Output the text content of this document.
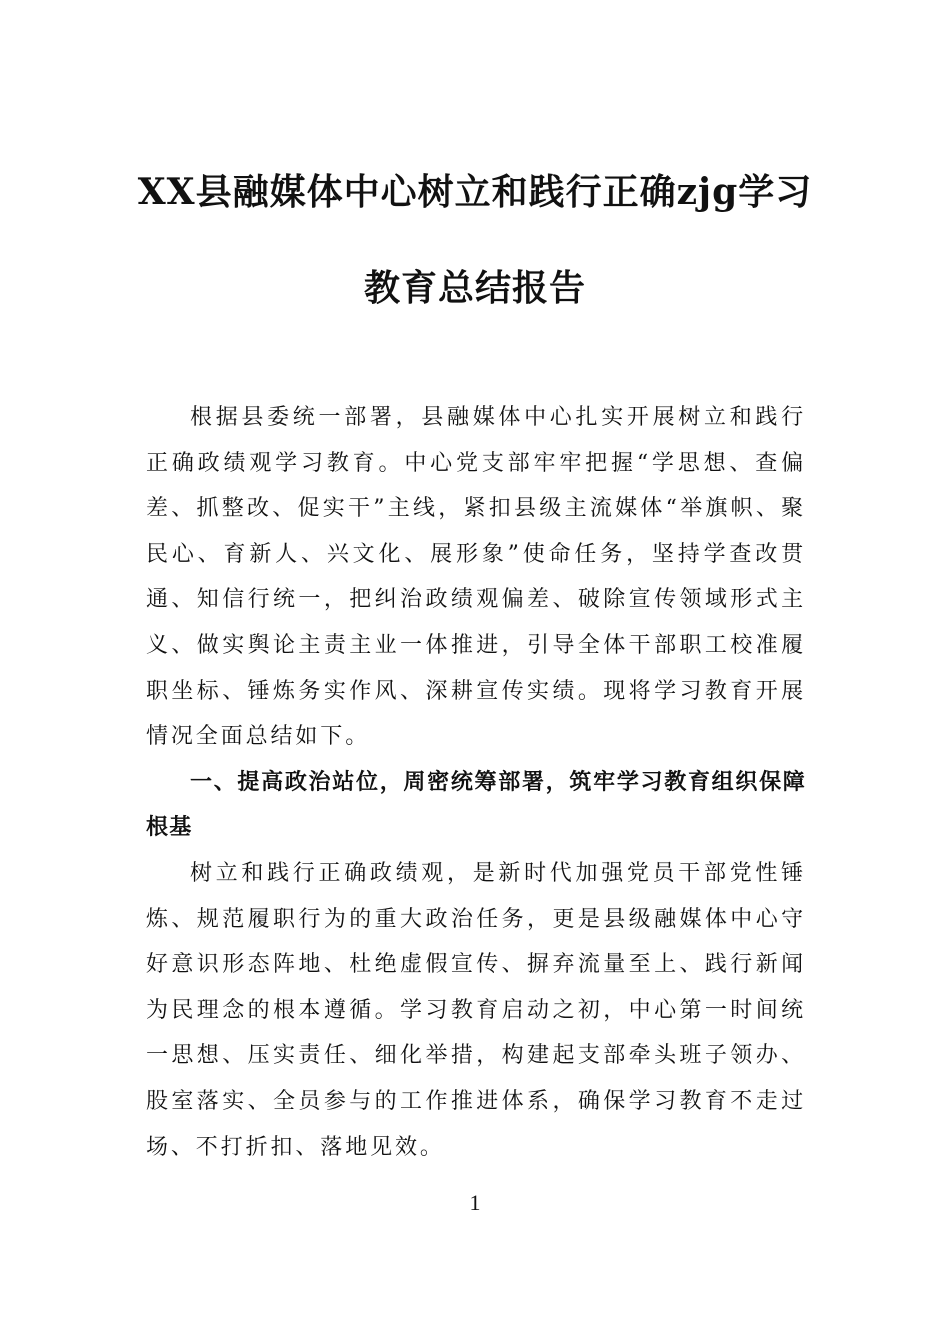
XX县融媒体中心树立和践行正确zjg学习
教育总结报告

根据县委统一部署，县融媒体中心扎实开展树立和践行正确政绩观学习教育。中心党支部牢牢把握“学思想、查偏差、抓整改、促实干”主线，紧扣县级主流媒体“举旗帜、聚民心、育新人、兴文化、展形象”使命任务，坚持学查改贯通、知信行统一，把纠治政绩观偏差、破除宣传领域形式主义、做实舆论主责主业一体推进，引导全体干部职工校准履职坐标、锤炼务实作风、深耕宣传实绩。现将学习教育开展情况全面总结如下。

一、提高政治站位，周密统筹部署，筑牢学习教育组织保障根基

树立和践行正确政绩观，是新时代加强党员干部党性锤炼、规范履职行为的重大政治任务，更是县级融媒体中心守好意识形态阵地、杜绝虚假宣传、摒弃流量至上、践行新闻为民理念的根本遵循。学习教育启动之初，中心第一时间统一思想、压实责任、细化举措，构建起支部牵头班子领办、股室落实、全员参与的工作推进体系，确保学习教育不走过场、不打折扣、落地见效。

1
